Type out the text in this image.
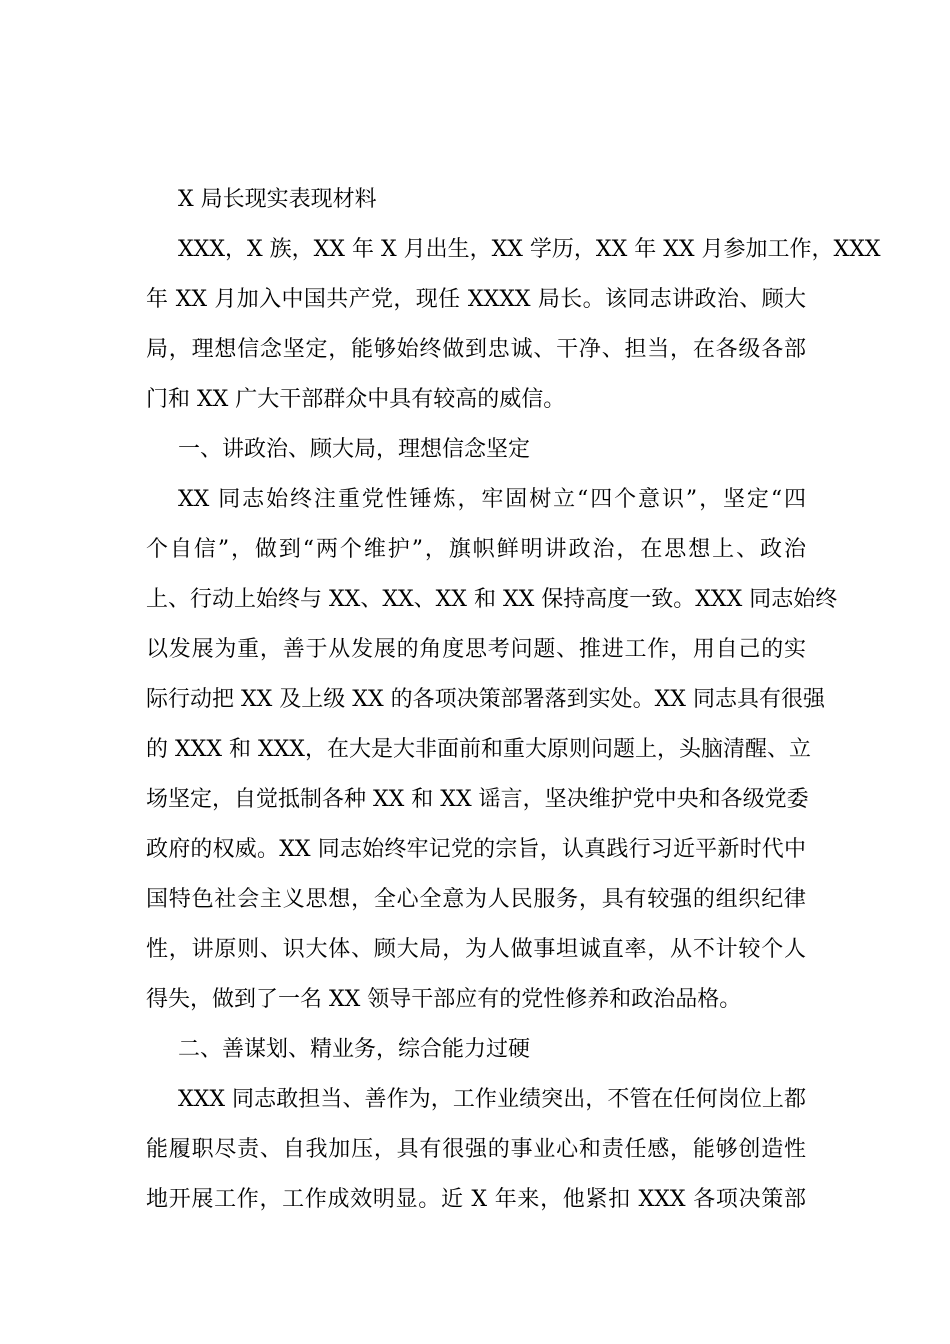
X 局长现实表现材料
XXX，X 族，XX 年 X 月出生，XX 学历，XX 年 XX 月参加工作，XXX
年 XX 月加入中国共产党，现任 XXXX 局长。该同志讲政治、顾大
局，理想信念坚定，能够始终做到忠诚、干净、担当，在各级各部
门和 XX 广大干部群众中具有较高的威信。
一、讲政治、顾大局，理想信念坚定
XX 同志始终注重党性锤炼，牢固树立“四个意识”，坚定“四
个自信”，做到“两个维护”，旗帜鲜明讲政治，在思想上、政治
上、行动上始终与 XX、XX、XX 和 XX 保持高度一致。XXX 同志始终
以发展为重，善于从发展的角度思考问题、推进工作，用自己的实
际行动把 XX 及上级 XX 的各项决策部署落到实处。XX 同志具有很强
的 XXX 和 XXX，在大是大非面前和重大原则问题上，头脑清醒、立
场坚定，自觉抵制各种 XX 和 XX 谣言，坚决维护党中央和各级党委
政府的权威。XX 同志始终牢记党的宗旨，认真践行习近平新时代中
国特色社会主义思想，全心全意为人民服务，具有较强的组织纪律
性，讲原则、识大体、顾大局，为人做事坦诚直率，从不计较个人
得失，做到了一名 XX 领导干部应有的党性修养和政治品格。
二、善谋划、精业务，综合能力过硬
XXX 同志敢担当、善作为，工作业绩突出，不管在任何岗位上都
能履职尽责、自我加压，具有很强的事业心和责任感，能够创造性
地开展工作，工作成效明显。近 X 年来，他紧扣 XXX 各项决策部
